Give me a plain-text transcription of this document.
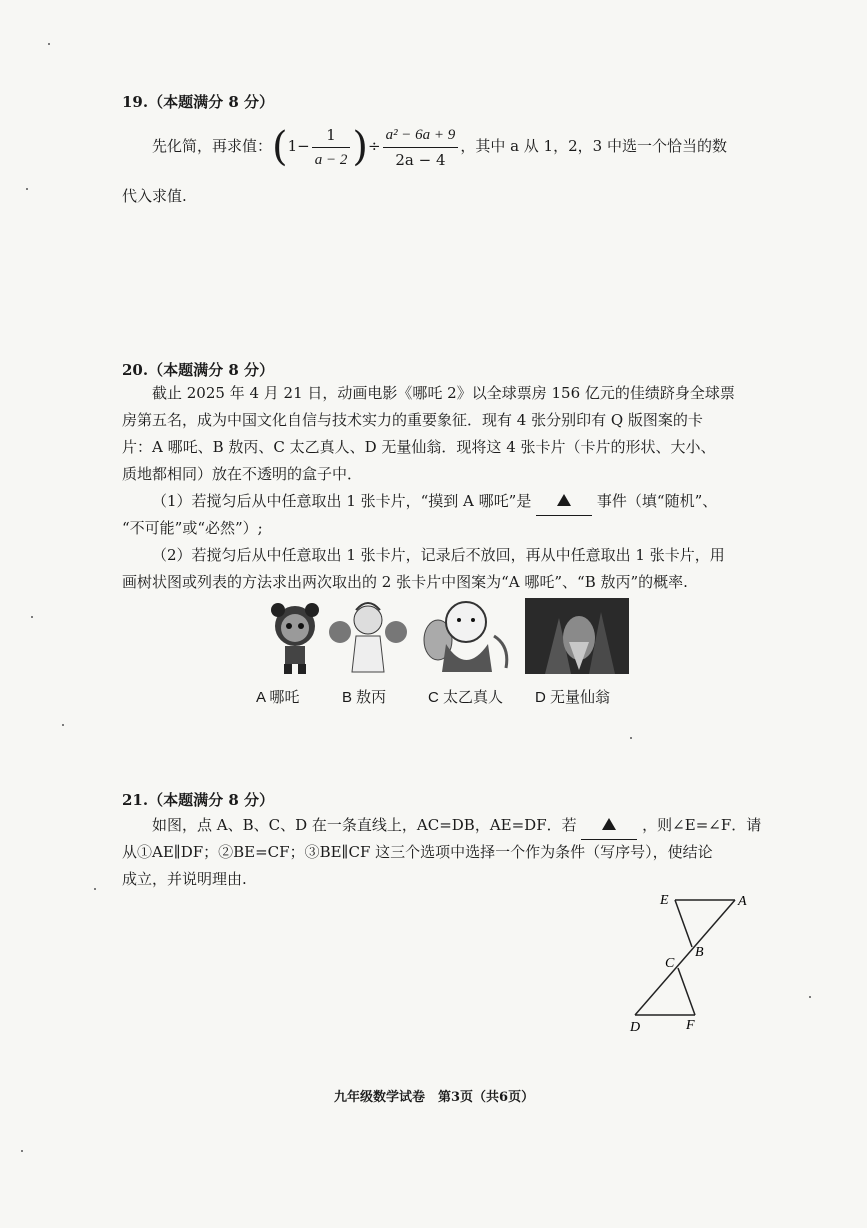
19.（本题满分 8 分）
先化简，再求值：($1- \frac{1}{a - 2}$ )÷ $\frac{\text{a² − 6a + 9}}{2a - 4}$ ，其中 a 从 1，2，3 中选一个恰当的数
代入求值.
20.（本题满分 8 分）
截止 2025 年 4 月 21 日，动画电影《哪吒 2》以全球票房 156 亿元的佳绩跻身全球票
房第五名，成为中国文化自信与技术实力的重要象征．现有 4 张分别印有 Q 版图案的卡
片：A 哪吒、B 敖丙、C 太乙真人、D 无量仙翁．现将这 4 张卡片（卡片的形状、大小、
质地都相同）放在不透明的盒子中．
（1）若搅匀后从中任意取出 1 张卡片，“摸到 A 哪吒”是	事件（填“随机”、
“不可能”或“必然”）;
（2）若搅匀后从中任意取出 1 张卡片，记录后不放回，再从中任意取出 1 张卡片，用
画树状图或列表的方法求出两次取出的 2 张卡片中图案为“A 哪吒”、“B 敖丙”的概率.
A 哪吒	B 敖丙	C 太乙真人 D 无量仙翁
21.（本题满分 8 分）
如图，点 A、B、C、D 在一条直线上，AC=DB，AE=DF．若	，则∠E=∠F．请
从①AE∥DF；②BE=CF；③BE∥CF 这三个选项中选择一个作为条件（写序号），使结论
成立，并说明理由.
E	A
B
C
D	F
九年级数学试卷　第3页（共6页）
